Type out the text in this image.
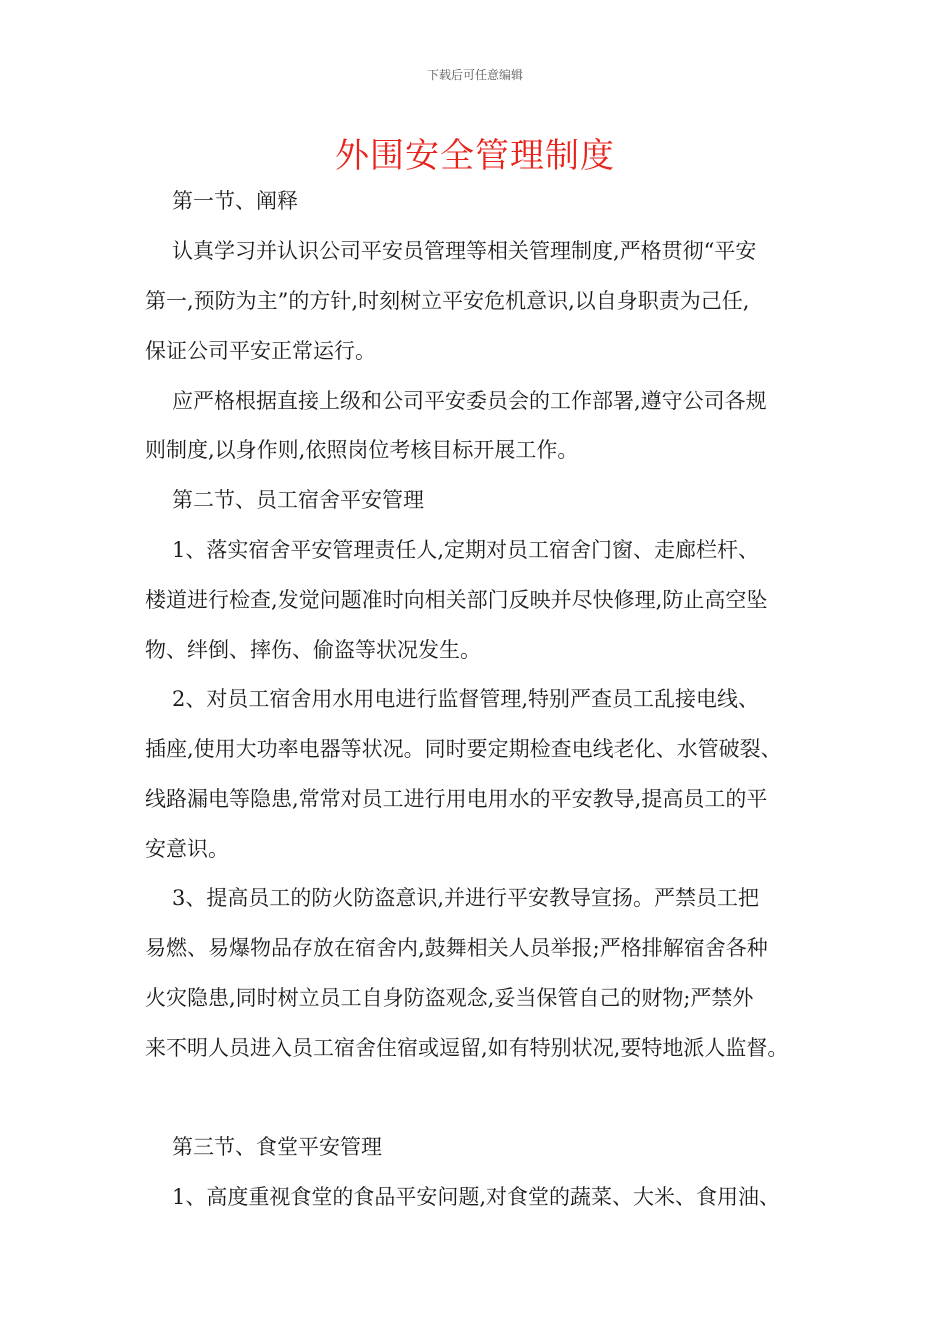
下载后可任意编辑
外围安全管理制度
第一节、阐释
认真学习并认识公司平安员管理等相关管理制度,严格贯彻“平安
第一,预防为主”的方针,时刻树立平安危机意识,以自身职责为己任,
保证公司平安正常运行。
应严格根据直接上级和公司平安委员会的工作部署,遵守公司各规
则制度,以身作则,依照岗位考核目标开展工作。
第二节、员工宿舍平安管理
1、落实宿舍平安管理责任人,定期对员工宿舍门窗、走廊栏杆、
楼道进行检查,发觉问题准时向相关部门反映并尽快修理,防止高空坠
物、绊倒、摔伤、偷盗等状况发生。
2、对员工宿舍用水用电进行监督管理,特别严查员工乱接电线、
插座,使用大功率电器等状况。同时要定期检查电线老化、水管破裂、
线路漏电等隐患,常常对员工进行用电用水的平安教导,提高员工的平
安意识。
3、提高员工的防火防盗意识,并进行平安教导宣扬。严禁员工把
易燃、易爆物品存放在宿舍内,鼓舞相关人员举报;严格排解宿舍各种
火灾隐患,同时树立员工自身防盗观念,妥当保管自己的财物;严禁外
来不明人员进入员工宿舍住宿或逗留,如有特别状况,要特地派人监督。
第三节、食堂平安管理
1、高度重视食堂的食品平安问题,对食堂的蔬菜、大米、食用油、
